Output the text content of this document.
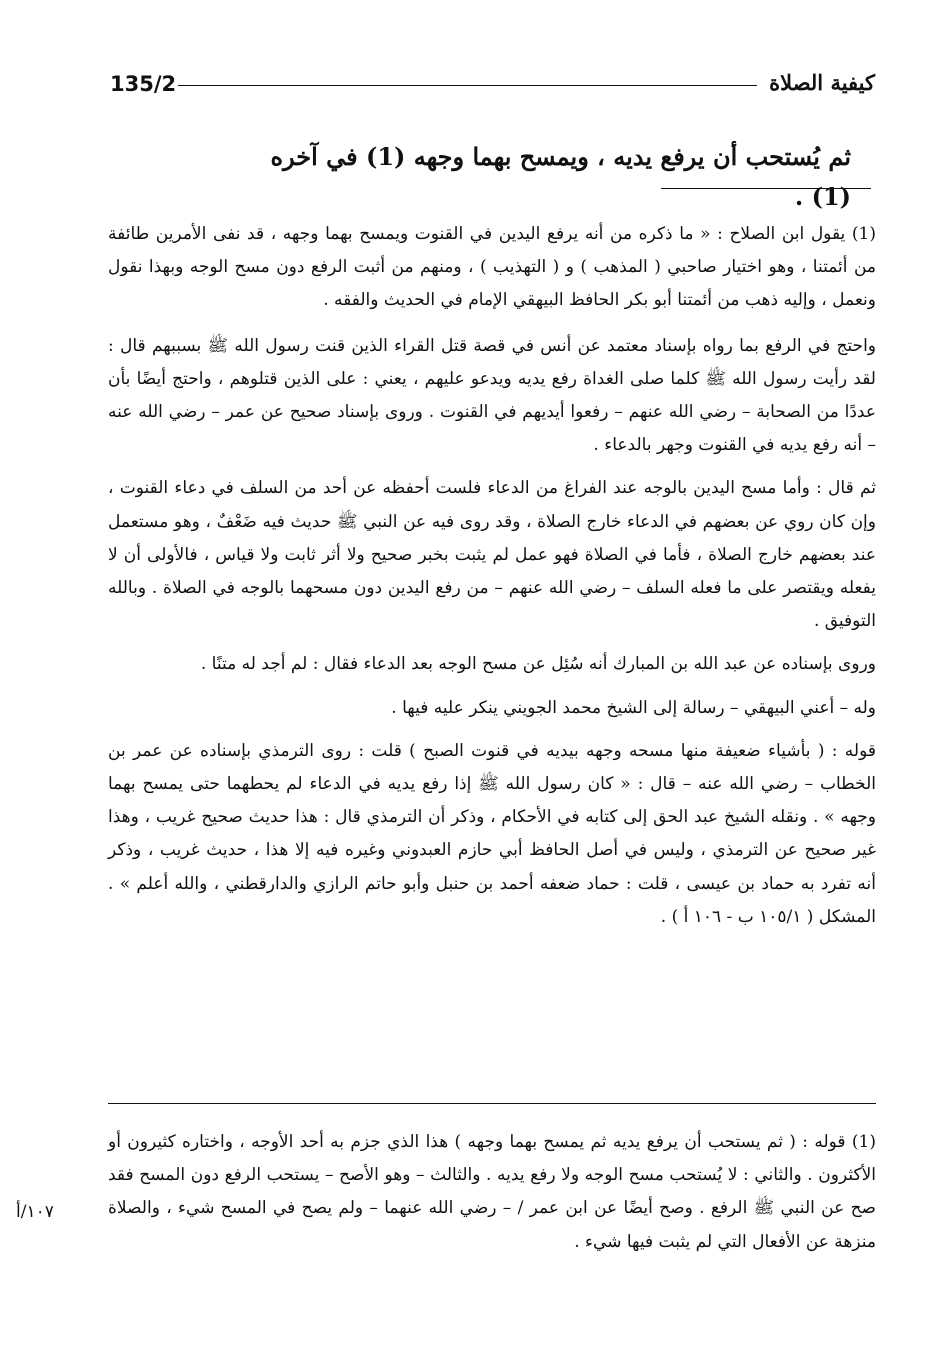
135/2	كيفية الصلاة
ثم يُستحب أن يرفع يديه ، ويمسح بهما وجهه (1) في آخره (1) .

(1) يقول ابن الصلاح : « ما ذكره من أنه يرفع اليدين في القنوت ويمسح بهما وجهه ، قد نفى الأمرين طائفة من أئمتنا ، وهو اختيار صاحبي ( المذهب ) و ( التهذيب ) ، ومنهم من أثبت الرفع دون مسح الوجه وبهذا نقول ونعمل ، وإليه ذهب من أئمتنا أبو بكر الحافظ البيهقي الإمام في الحديث والفقه .

واحتج في الرفع بما رواه بإسناد معتمد عن أنس في قصة قتل القراء الذين قنت رسول الله ﷺ بسببهم قال : لقد رأيت رسول الله ﷺ كلما صلى الغداة رفع يديه ويدعو عليهم ، يعني : على الذين قتلوهم ، واحتج أيضًا بأن عددًا من الصحابة – رضي الله عنهم – رفعوا أيديهم في القنوت . وروى بإسناد صحيح عن عمر – رضي الله عنه – أنه رفع يديه في القنوت وجهر بالدعاء .

ثم قال : وأما مسح اليدين بالوجه عند الفراغ من الدعاء فلست أحفظه عن أحد من السلف في دعاء القنوت ، وإن كان روي عن بعضهم في الدعاء خارج الصلاة ، وقد روى فيه عن النبي ﷺ حديث فيه ضَعْفٌ ، وهو مستعمل عند بعضهم خارج الصلاة ، فأما في الصلاة فهو عمل لم يثبت بخبر صحيح ولا أثر ثابت ولا قياس ، فالأولى أن لا يفعله ويقتصر على ما فعله السلف – رضي الله عنهم – من رفع اليدين دون مسحهما بالوجه في الصلاة . وبالله التوفيق .

وروى بإسناده عن عبد الله بن المبارك أنه سُئِل عن مسح الوجه بعد الدعاء فقال : لم أجد له متنًا .

وله – أعني البيهقي – رسالة إلى الشيخ محمد الجويني ينكر عليه فيها .

قوله : ( بأشياء ضعيفة منها مسحه وجهه بيديه في قنوت الصبح ) قلت : روى الترمذي بإسناده عن عمر بن الخطاب – رضي الله عنه – قال : « كان رسول الله ﷺ إذا رفع يديه في الدعاء لم يحطهما حتى يمسح بهما وجهه » . ونقله الشيخ عبد الحق إلى كتابه في الأحكام ، وذكر أن الترمذي قال : هذا حديث صحيح غريب ، وهذا غير صحيح عن الترمذي ، وليس في أصل الحافظ أبي حازم العبدوني وغيره فيه إلا هذا ، حديث غريب ، وذكر أنه تفرد به حماد بن عيسى ، قلت : حماد ضعفه أحمد بن حنبل وأبو حاتم الرازي والدارقطني ، والله أعلم » . المشكل ( ١٠٥/١ ب - ١٠٦ أ ) .

(1) قوله : ( ثم يستحب أن يرفع يديه ثم يمسح بهما وجهه ) هذا الذي جزم به أحد الأوجه ، واختاره كثيرون أو الأكثرون . والثاني : لا يُستحب مسح الوجه ولا رفع يديه . والثالث – وهو الأصح – يستحب الرفع دون المسح فقد صح عن النبي ﷺ الرفع . وصح أيضًا عن ابن عمر / – رضي الله عنهما – ولم يصح في المسح شيء ، والصلاة منزهة عن الأفعال التي لم يثبت فيها شيء .

١٠٧/أ
